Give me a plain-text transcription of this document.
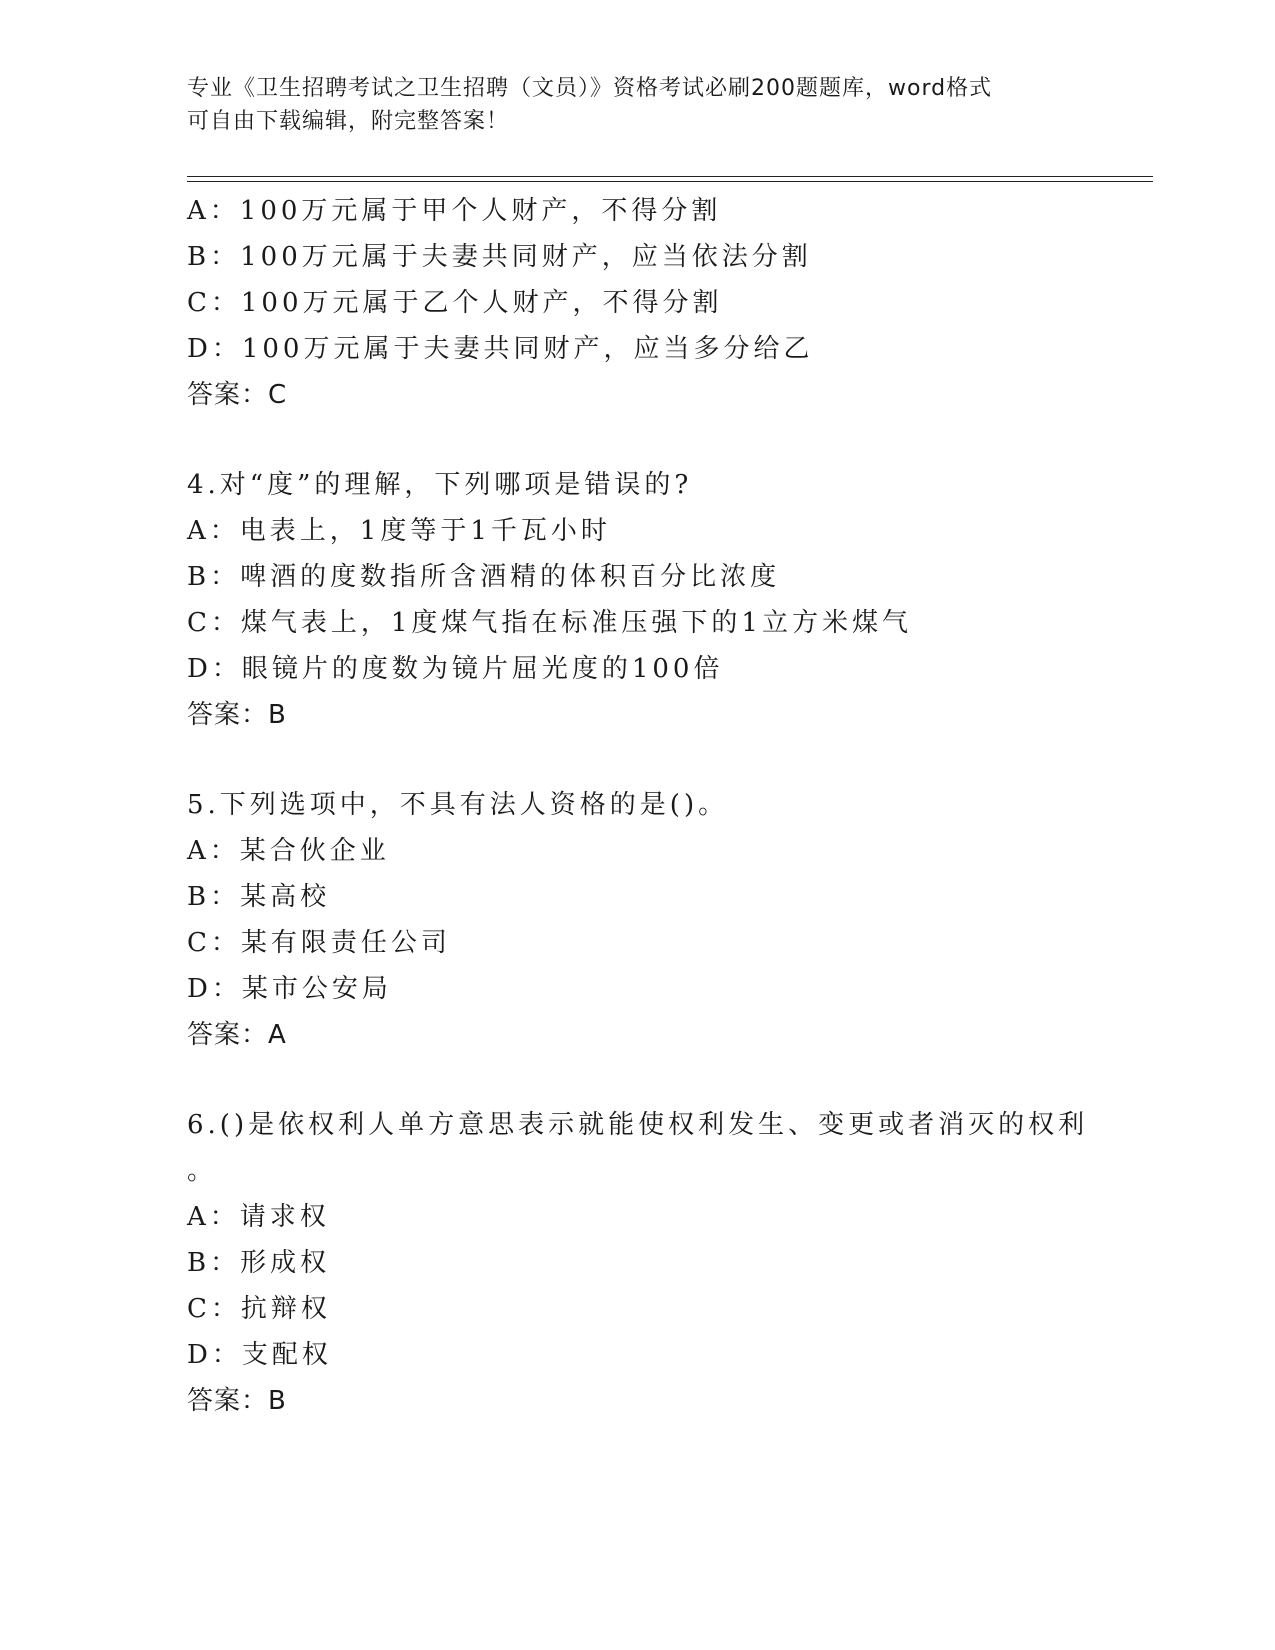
专业《卫生招聘考试之卫生招聘（文员）》资格考试必刷200题题库，word格式
可自由下载编辑，附完整答案！
A：100万元属于甲个人财产，不得分割
B：100万元属于夫妻共同财产，应当依法分割
C：100万元属于乙个人财产，不得分割
D：100万元属于夫妻共同财产，应当多分给乙
答案：C
4.对“度”的理解，下列哪项是错误的?
A：电表上，1度等于1千瓦小时
B：啤酒的度数指所含酒精的体积百分比浓度
C：煤气表上，1度煤气指在标准压强下的1立方米煤气
D：眼镜片的度数为镜片屈光度的100倍
答案：B
5.下列选项中，不具有法人资格的是()。
A：某合伙企业
B：某高校
C：某有限责任公司
D：某市公安局
答案：A
6.()是依权利人单方意思表示就能使权利发生、变更或者消灭的权利
。
A：请求权
B：形成权
C：抗辩权
D：支配权
答案：B
